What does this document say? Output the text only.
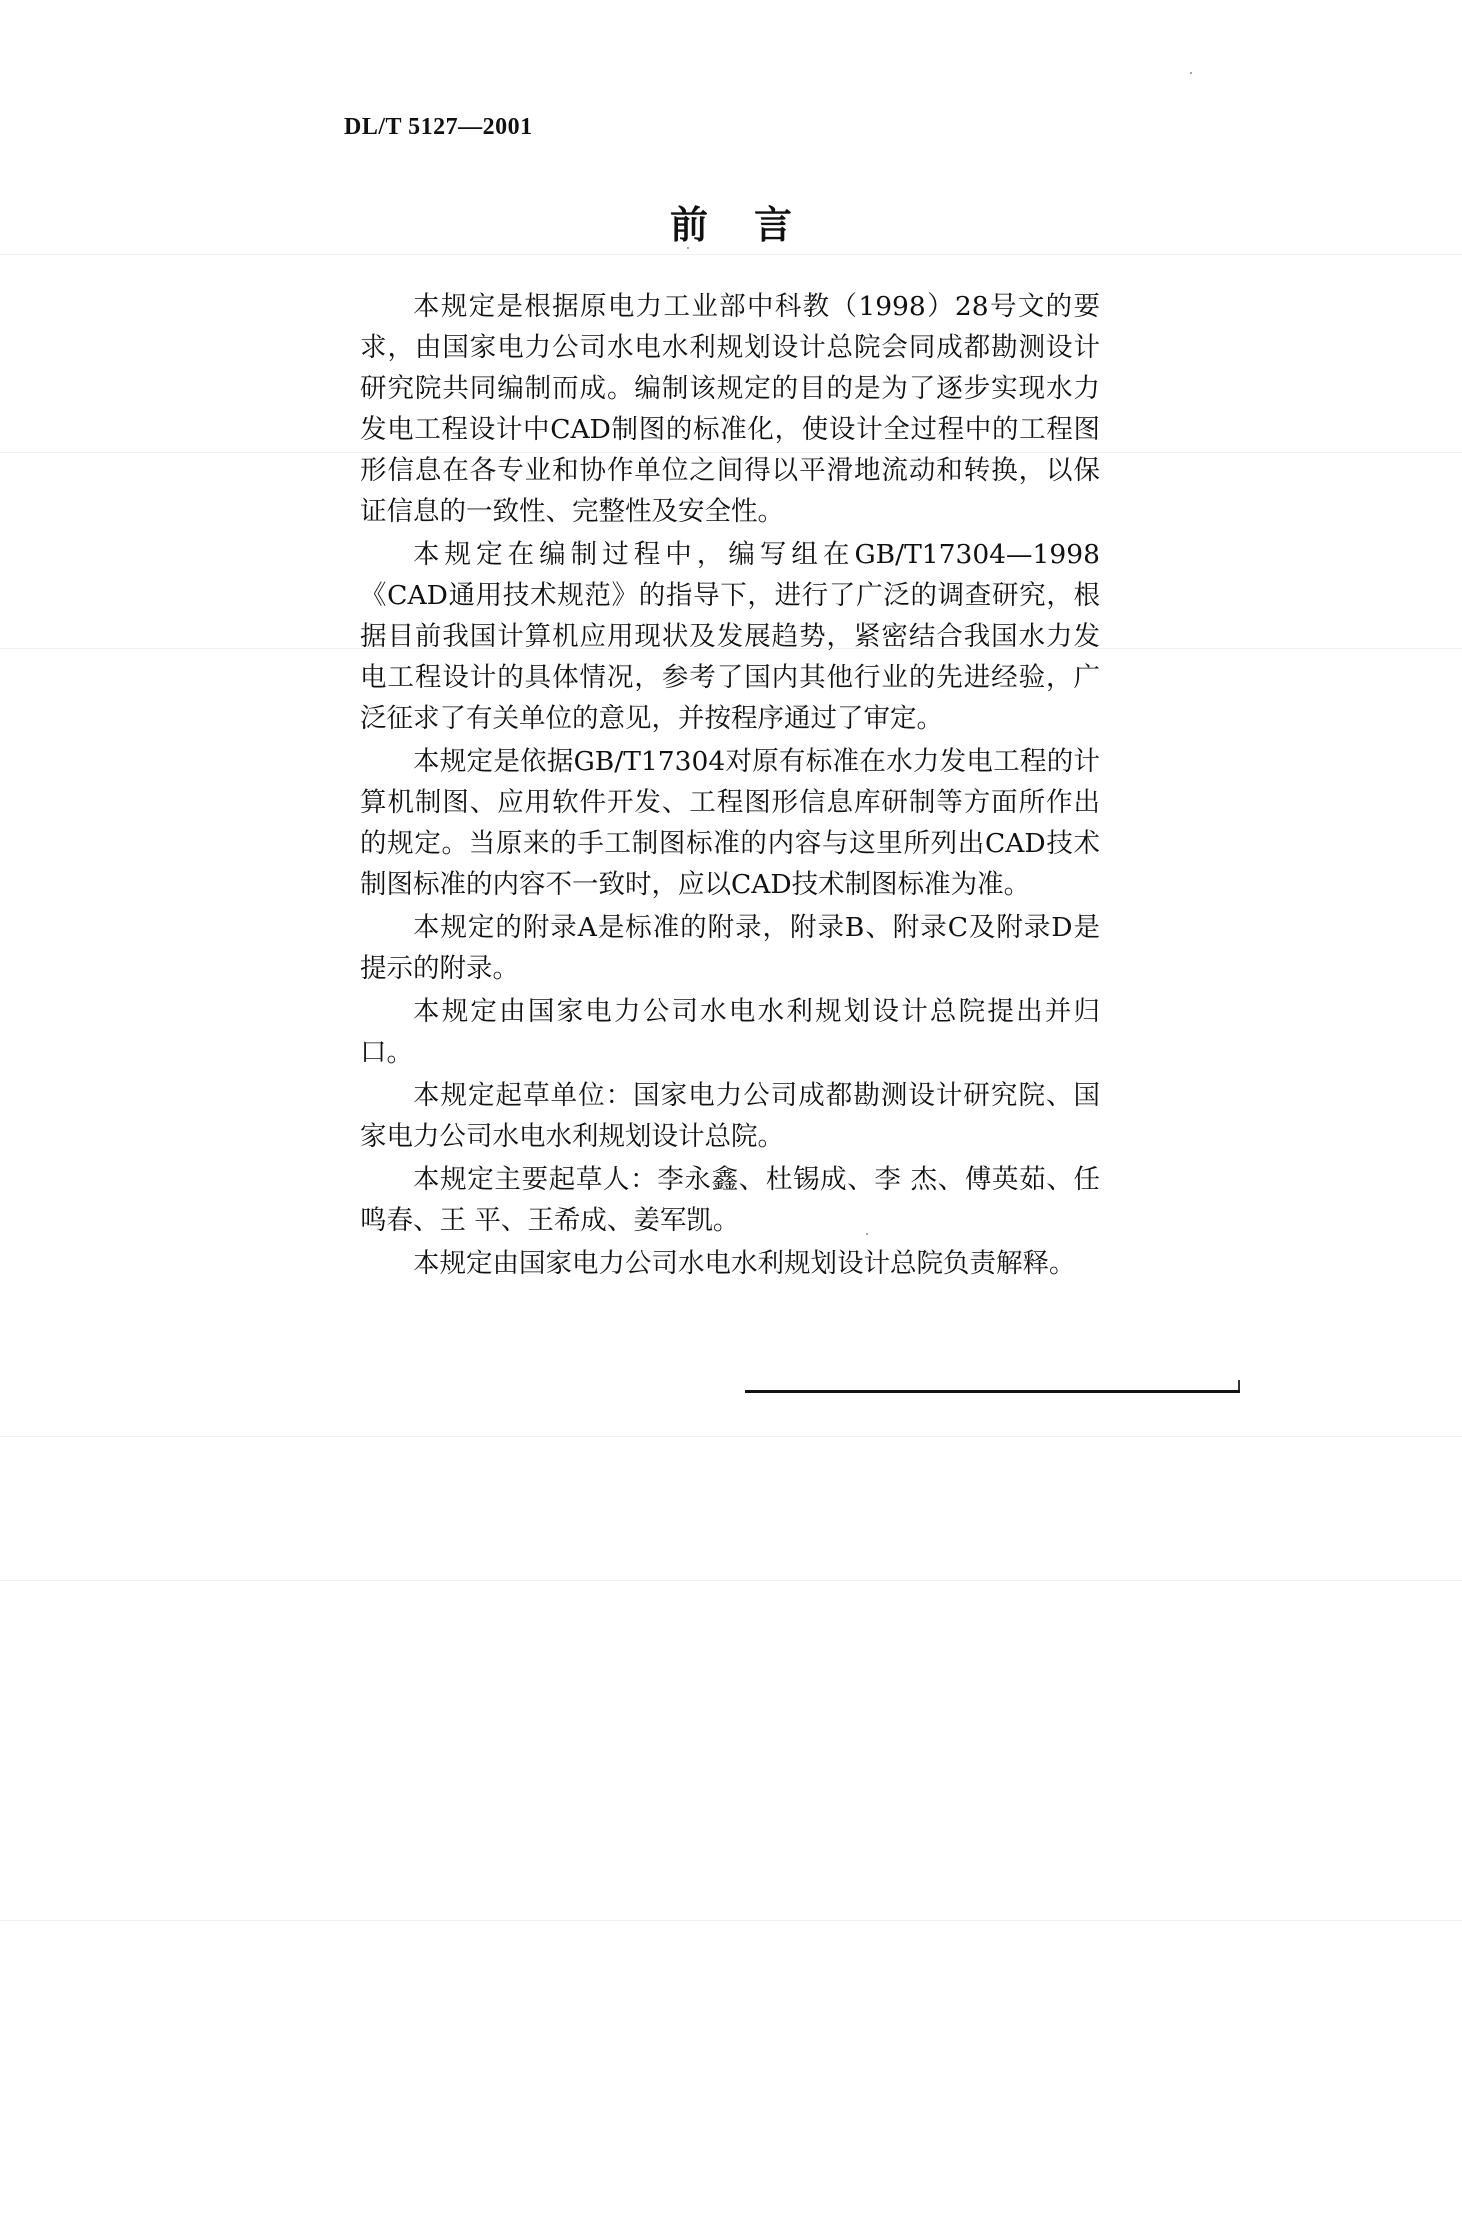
DL/T 5127—2001
前言

本规定是根据原电力工业部中科教（1998）28号文的要求，由国家电力公司水电水利规划设计总院会同成都勘测设计研究院共同编制而成。编制该规定的目的是为了逐步实现水力发电工程设计中CAD制图的标准化，使设计全过程中的工程图形信息在各专业和协作单位之间得以平滑地流动和转换，以保证信息的一致性、完整性及安全性。

本规定在编制过程中，编写组在GB/T17304—1998《CAD通用技术规范》的指导下，进行了广泛的调查研究，根据目前我国计算机应用现状及发展趋势，紧密结合我国水力发电工程设计的具体情况，参考了国内其他行业的先进经验，广泛征求了有关单位的意见，并按程序通过了审定。

本规定是依据GB/T17304对原有标准在水力发电工程的计算机制图、应用软件开发、工程图形信息库研制等方面所作出的规定。当原来的手工制图标准的内容与这里所列出CAD技术制图标准的内容不一致时，应以CAD技术制图标准为准。

本规定的附录A是标准的附录，附录B、附录C及附录D是提示的附录。

本规定由国家电力公司水电水利规划设计总院提出并归口。

本规定起草单位：国家电力公司成都勘测设计研究院、国家电力公司水电水利规划设计总院。

本规定主要起草人：李永鑫、杜锡成、李 杰、傅英茹、任鸣春、王 平、王希成、姜军凯。

本规定由国家电力公司水电水利规划设计总院负责解释。
